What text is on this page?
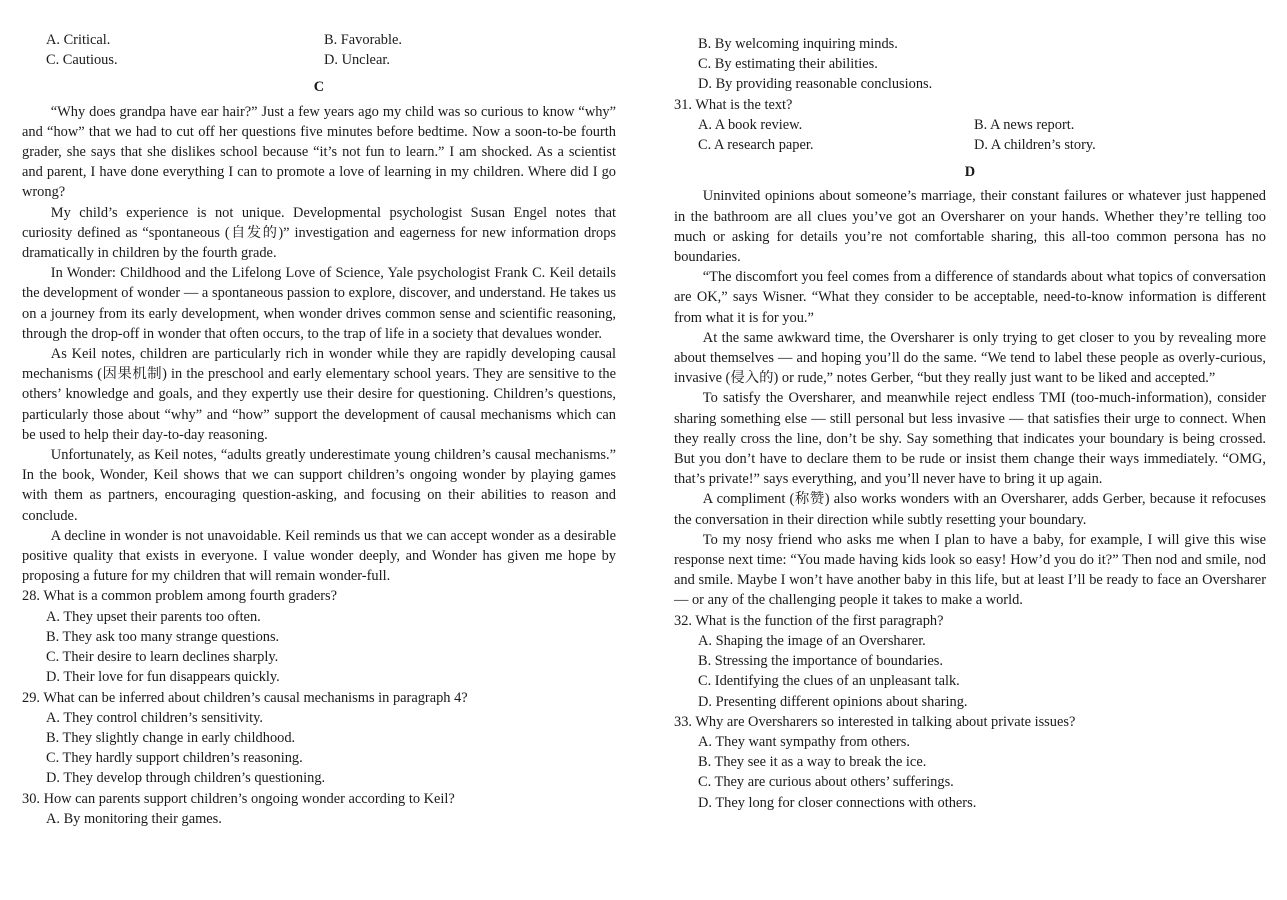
A. Critical.	B. Favorable.
C. Cautious.	D. Unclear.
C

“Why does grandpa have ear hair?” Just a few years ago my child was so curious to know “why” and “how” that we had to cut off her questions five minutes before bedtime. Now a soon-to-be fourth grader, she says that she dislikes school because “it’s not fun to learn.” I am shocked. As a scientist and parent, I have done everything I can to promote a love of learning in my children. Where did I go wrong?

My child’s experience is not unique. Developmental psychologist Susan Engel notes that curiosity defined as “spontaneous (自发的)” investigation and eagerness for new information drops dramatically in children by the fourth grade.

In Wonder: Childhood and the Lifelong Love of Science, Yale psychologist Frank C. Keil details the development of wonder — a spontaneous passion to explore, discover, and understand. He takes us on a journey from its early development, when wonder drives common sense and scientific reasoning, through the drop-off in wonder that often occurs, to the trap of life in a society that devalues wonder.

As Keil notes, children are particularly rich in wonder while they are rapidly developing causal mechanisms (因果机制) in the preschool and early elementary school years. They are sensitive to the others’ knowledge and goals, and they expertly use their desire for questioning. Children’s questions, particularly those about “why” and “how” support the development of causal mechanisms which can be used to help their day-to-day reasoning.

Unfortunately, as Keil notes, “adults greatly underestimate young children’s causal mechanisms.” In the book, Wonder, Keil shows that we can support children’s ongoing wonder by playing games with them as partners, encouraging question-asking, and focusing on their abilities to reason and conclude.

A decline in wonder is not unavoidable. Keil reminds us that we can accept wonder as a desirable positive quality that exists in everyone. I value wonder deeply, and Wonder has given me hope by proposing a future for my children that will remain wonder-full.

28. What is a common problem among fourth graders?
A. They upset their parents too often.
B. They ask too many strange questions.
C. Their desire to learn declines sharply.
D. Their love for fun disappears quickly.
29. What can be inferred about children’s causal mechanisms in paragraph 4?
A. They control children’s sensitivity.
B. They slightly change in early childhood.
C. They hardly support children’s reasoning.
D. They develop through children’s questioning.
30. How can parents support children’s ongoing wonder according to Keil?
A. By monitoring their games.
B. By welcoming inquiring minds.
C. By estimating their abilities.
D. By providing reasonable conclusions.
31. What is the text?
A. A book review.	B. A news report.
C. A research paper.	D. A children’s story.
D

Uninvited opinions about someone’s marriage, their constant failures or whatever just happened in the bathroom are all clues you’ve got an Oversharer on your hands. Whether they’re telling too much or asking for details you’re not comfortable sharing, this all-too common persona has no boundaries.

“The discomfort you feel comes from a difference of standards about what topics of conversation are OK,” says Wisner. “What they consider to be acceptable, need-to-know information is different from what it is for you.”

At the same awkward time, the Oversharer is only trying to get closer to you by revealing more about themselves — and hoping you’ll do the same. “We tend to label these people as overly-curious, invasive (侵入的) or rude,” notes Gerber, “but they really just want to be liked and accepted.”

To satisfy the Oversharer, and meanwhile reject endless TMI (too-much-information), consider sharing something else — still personal but less invasive — that satisfies their urge to connect. When they really cross the line, don’t be shy. Say something that indicates your boundary is being crossed. But you don’t have to declare them to be rude or insist them change their ways immediately. “OMG, that’s private!” says everything, and you’ll never have to bring it up again.

A compliment (称赞) also works wonders with an Oversharer, adds Gerber, because it refocuses the conversation in their direction while subtly resetting your boundary.

To my nosy friend who asks me when I plan to have a baby, for example, I will give this wise response next time: “You made having kids look so easy! How’d you do it?” Then nod and smile, nod and smile. Maybe I won’t have another baby in this life, but at least I’ll be ready to face an Oversharer — or any of the challenging people it takes to make a world.

32. What is the function of the first paragraph?
A. Shaping the image of an Oversharer.
B. Stressing the importance of boundaries.
C. Identifying the clues of an unpleasant talk.
D. Presenting different opinions about sharing.
33. Why are Oversharers so interested in talking about private issues?
A. They want sympathy from others.
B. They see it as a way to break the ice.
C. They are curious about others’ sufferings.
D. They long for closer connections with others.
